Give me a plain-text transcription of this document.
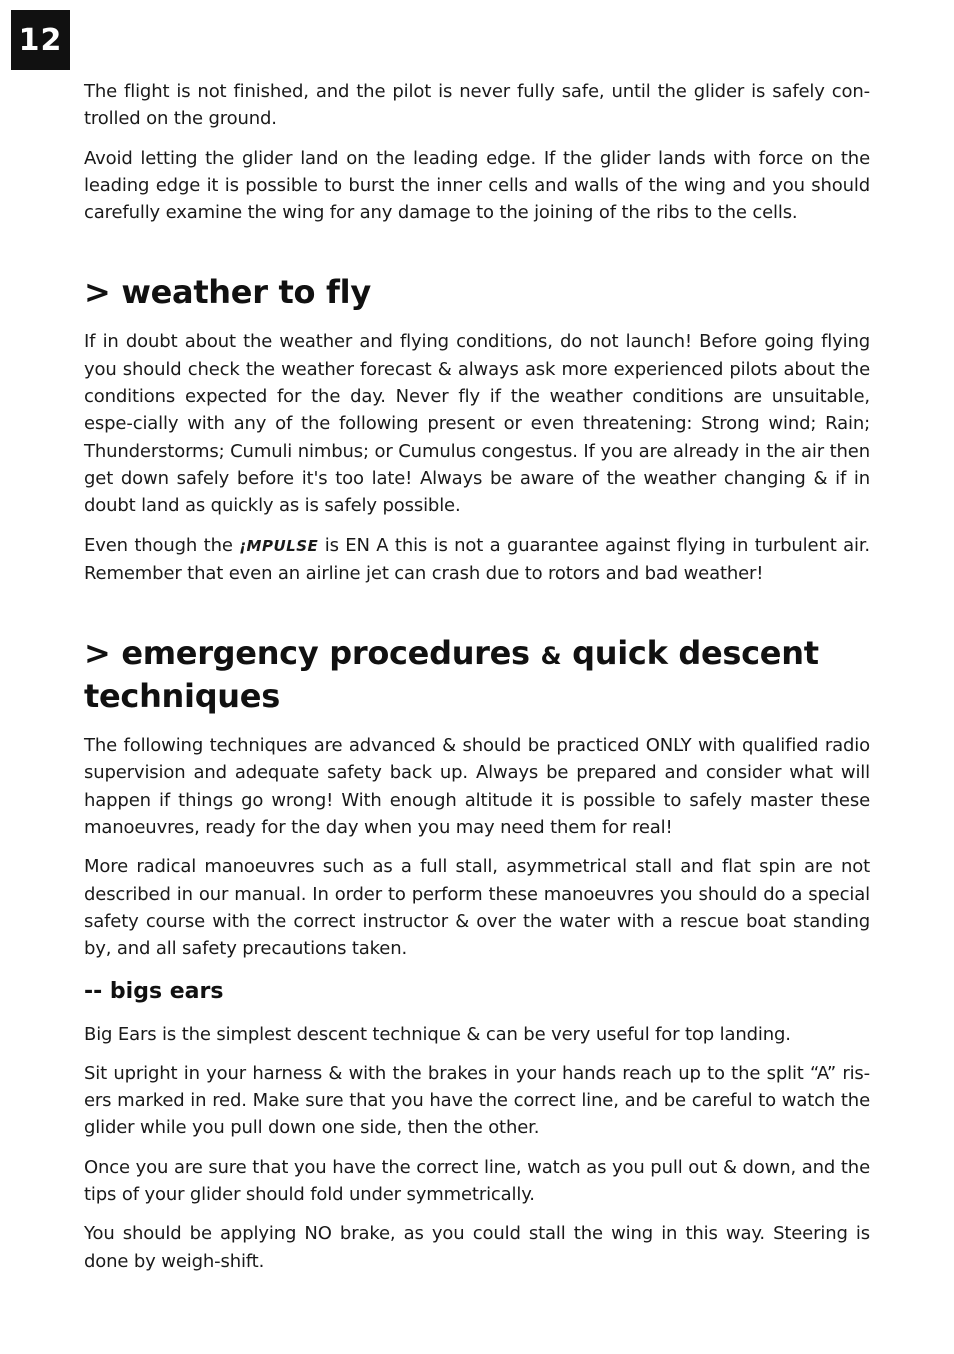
12

The flight is not finished, and the pilot is never fully safe, until the glider is safely con-trolled on the ground.

Avoid letting the glider land on the leading edge. If the glider lands with force on the leading edge it is possible to burst the inner cells and walls of the wing and you should carefully examine the wing for any damage to the joining of the ribs to the cells.

> weather to fly

If in doubt about the weather and flying conditions, do not launch! Before going flying you should check the weather forecast & always ask more experienced pilots about the conditions expected for the day. Never fly if the weather conditions are unsuitable, espe-cially with any of the following present or even threatening: Strong wind; Rain; Thunderstorms; Cumuli nimbus; or Cumulus congestus. If you are already in the air then get down safely before it's too late! Always be aware of the weather changing & if in doubt land as quickly as is safely possible.

Even though the ¡MPULSE is EN A this is not a guarantee against flying in turbulent air. Remember that even an airline jet can crash due to rotors and bad weather!

> emergency procedures & quick descent techniques

The following techniques are advanced & should be practiced ONLY with qualified radio supervision and adequate safety back up. Always be prepared and consider what will happen if things go wrong! With enough altitude it is possible to safely master these manoeuvres, ready for the day when you may need them for real!

More radical manoeuvres such as a full stall, asymmetrical stall and flat spin are not described in our manual. In order to perform these manoeuvres you should do a special safety course with the correct instructor & over the water with a rescue boat standing by, and all safety precautions taken.

-- bigs ears

Big Ears is the simplest descent technique & can be very useful for top landing.

Sit upright in your harness & with the brakes in your hands reach up to the split “A” ris-ers marked in red. Make sure that you have the correct line, and be careful to watch the glider while you pull down one side, then the other.

Once you are sure that you have the correct line, watch as you pull out & down, and the tips of your glider should fold under symmetrically.

You should be applying NO brake, as you could stall the wing in this way. Steering is done by weigh-shift.
